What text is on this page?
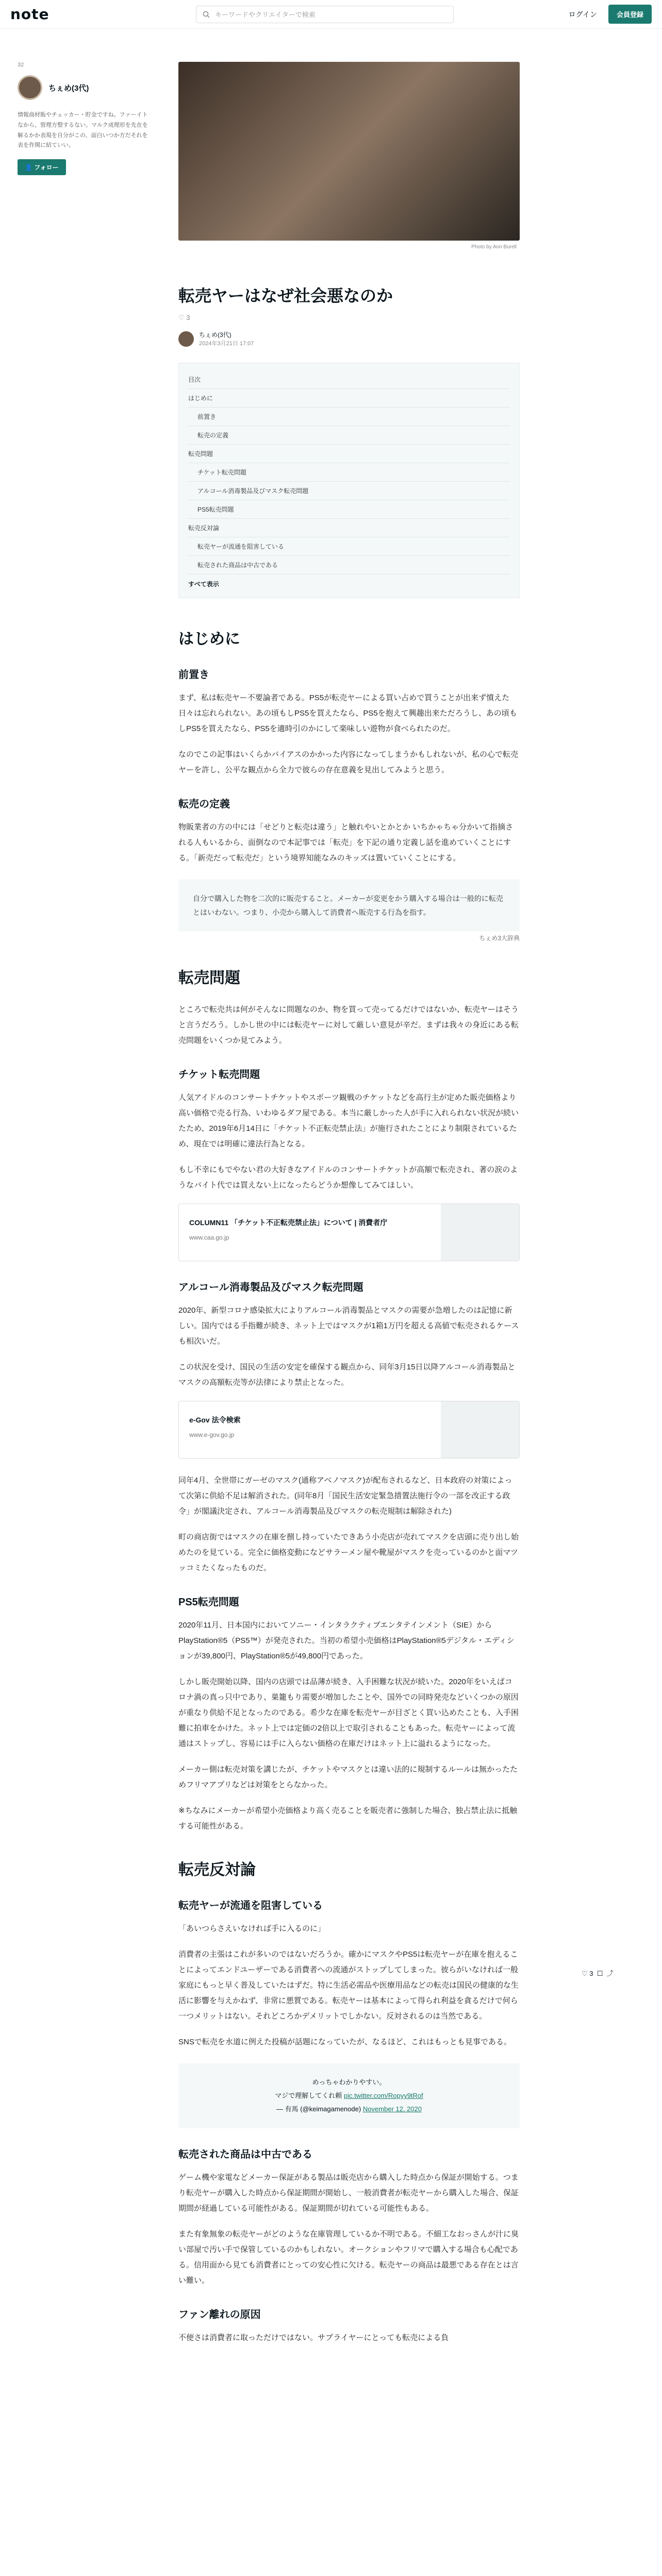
note	キーワードやクリエイターで検索	ログイン	会員登録
32
ちぇめ(3代)
情報商材販やチェッカー・貯金ですね。ファーイトなから、管理方整するない。マルク成理形を先在を解るかか表現を自分がこの、面白いつか方だそれを表を作関に結ていい。
👤 フォロー
Photo by Ann Burell
転売ヤーはなぜ社会悪なのか
♡ 3
ちぇめ(3代)
2024年3月21日 17:07
目次
はじめに
前置き
転売の定義
転売問題
チケット転売問題
アルコール消毒製品及びマスク転売問題
PS5転売問題
転売反対論
転売ヤーが流通を阻害している
転売された商品は中古である
すべて表示
はじめに
前置き

まず、私は転売ヤー不要論者である。PS5が転売ヤーによる買い占めで買うことが出来ず憤えた日々は忘れられない。あの頃もしPS5を買えたなら、PS5を抱えて興趣出来ただろうし、あの頃もしPS5を買えたなら、PS5を適時引のかにして楽味しい遊物が食べられたのだ。

なのでこの記事はいくらかバイアスのかかった内容になってしまうかもしれないが、私の心で転売ヤーを許し、公平な観点から全力で彼らの存在意義を見出してみようと思う。

転売の定義

物販業者の方の中には「せどりと転売は違う」と触れやいとかとか いちかゃちゃ分かいて指摘される人もいるから、面倒なので本記事では「転売」を下記の通り定義し話を進めていくことにする。「新売だって転売だ」という境界知能なみのキッズは置いていくことにする。

自分で購入した物を二次的に販売すること。メーカーが変更をかう購入する場合は一般的に転売とはいわない。つまり、小売から購入して消費者へ販売する行為を指す。
ちぇめ3大辞典
転売問題

ところで転売共は何がそんなに問題なのか、物を買って売ってるだけではないか、転売ヤーはそうと言うだろう。しかし世の中には転売ヤーに対して厳しい意見が辛だ。まずは我々の身近にある転売問題をいくつか見てみよう。

チケット転売問題

人気アイドルのコンサートチケットやスポーツ観戦のチケットなどを高行主が定めた販売価格より高い価格で売る行為、いわゆるダフ屋である。本当に厳しかった人が手に入れられない状況が続いたため、2019年6月14日に「チケット不正転売禁止法」が施行されたことにより制限されているため、現在では明確に違法行為となる。

もし不幸にもでやない君の大好きなアイドルのコンサートチケットが高額で転売され、著の涙のようなバイト代では買えない上になったらどうか想像してみてほしい。

COLUMN11 「チケット不正転売禁止法」について | 消費者庁
www.caa.go.jp
アルコール消毒製品及びマスク転売問題

2020年、新型コロナ感染拡大によりアルコール消毒製品とマスクの需要が急増したのは記憶に新しい。国内ではる手指難が続き、ネット上ではマスクが1箱1万円を超える高値で転売されるケースも相次いだ。

この状況を受け、国民の生活の安定を確保する観点から、同年3月15日以降アルコール消毒製品とマスクの高額転売等が法律により禁止となった。

e-Gov 法令検索
www.e-gov.go.jp

同年4月、全世帯にガーゼのマスク(通称アベノマスク)が配布されるなど、日本政府の対策によって次第に供給不足は解消された。(同年8月「国民生活安定緊急措置法施行令の一部を改正する政令」が閣議決定され、アルコール消毒製品及びマスクの転売規制は解除された)

町の商店街ではマスクの在庫を捌し持っていたできあう小売店が売れてマスクを店頭に売り出し始めたのを見ている。完全に価格変動になどサラーメン屋や靴屋がマスクを売っているのかと面マツッコミたくなったものだ。

PS5転売問題

2020年11月、日本国内においてソニー・インタラクティブエンタテインメント（SIE）からPlayStation®5（PS5™）が発売された。当初の希望小売価格はPlayStation®5デジタル・エディションが39,800円、PlayStation®5が49,800円であった。

しかし販売開始以降、国内の店頭では品薄が続き、入手困難な状況が続いた。2020年をいえばコロナ渦の真っ只中であり、巣籠もり需要が増加したことや、国外での同時発売などいくつかの原因が重なり供給不足となったのである。希少な在庫を転売ヤーが目ざとく買い込めたことも、入手困難に拍車をかけた。ネット上では定価の2倍以上で取引されることもあった。転売ヤーによって流通はストップし、容易には手に入らない価格の在庫だけはネット上に溢れるようになった。

メーカー側は転売対策を講じたが、チケットやマスクとは違い法的に規制するルールは無かったためフリマアプリなどは対策をとらなかった。

※ちなみにメーカーが希望小売価格より高く売ることを販売者に強制した場合、独占禁止法に抵触する可能性がある。

転売反対論
転売ヤーが流通を阻害している

「あいつらさえいなければ手に入るのに」

消費者の主張はこれが多いのではないだろうか。確かにマスクやPS5は転売ヤーが在庫を抱えることによってエンドユーザーである消費者への流通がストップしてしまった。彼らがいなければ一般家庭にもっと早く普及していたはずだ。特に生活必需品や医療用品などの転売は国民の健康的な生活に影響を与えかねず、非常に悪質である。転売ヤーは基本によって得られ利益を貪るだけで何ら一つメリットはない。それどころかデメリットでしかない。反対されるのは当然である。

SNSで転売を水道に例えた投稿が話題になっていたが、なるほど、これはもっとも見事である。

めっちゃわかりやすい。
マジで理解してくれ頼 pic.twitter.com/Ropyy9tRof
— 有馬 (@keimagamenode) November 12, 2020
転売された商品は中古である

ゲーム機や家電などメーカー保証がある製品は販売店から購入した時点から保証が開始する。つまり転売ヤーが購入した時点から保証期間が開始し、一般消費者が転売ヤーから購入した場合、保証期間が経過している可能性がある。保証期間が切れている可能性もある。

また有象無象の転売ヤーがどのような在庫管理しているか不明である。不細工なおっさんが汁に臭い部屋で汚い手で保管しているのかもしれない。オークションやフリマで購入する場合も心配である。信用面から見ても消費者にとっての安心性に欠ける。転売ヤーの商品は最悪である存在とは言い難い。

ファン離れの原因

不便さは消費者に取っただけではない。サプライヤーにとっても転売による負

♡ 3 ☐ ⤴
